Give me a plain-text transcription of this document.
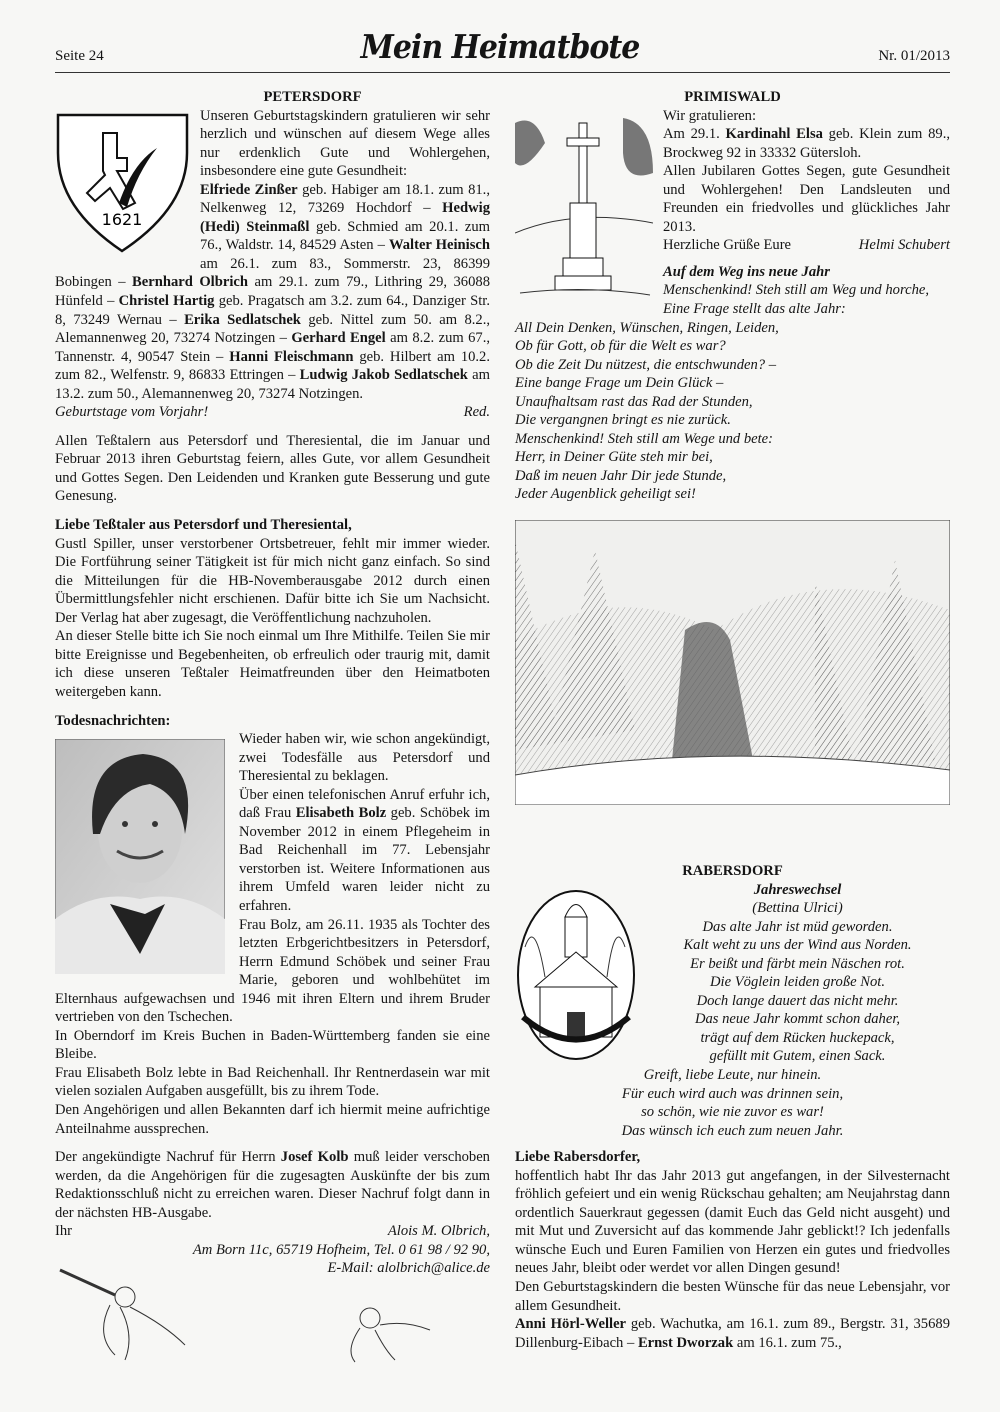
Seite 24	Mein Heimatbote	Nr. 01/2013
PETERSDORF
1621

Unseren Geburtstagskindern gratulieren wir sehr herzlich und wünschen auf diesem Wege alles nur erdenklich Gute und Wohlergehen, insbesondere eine gute Gesundheit:

Elfriede Zinßer geb. Habiger am 18.1. zum 81., Nelkenweg 12, 73269 Hochdorf – Hedwig (Hedi) Steinmaßl geb. Schmied am 20.1. zum 76., Waldstr. 14, 84529 Asten – Walter Heinisch am 26.1. zum 83., Sommerstr. 23, 86399 Bobingen – Bernhard Olbrich am 29.1. zum 79., Lithring 29, 36088 Hünfeld – Christel Hartig geb. Pragatsch am 3.2. zum 64., Danziger Str. 8, 73249 Wernau – Erika Sedlatschek geb. Nittel zum 50. am 8.2., Alemannenweg 20, 73274 Notzingen – Gerhard Engel am 8.2. zum 67., Tannenstr. 4, 90547 Stein – Hanni Fleischmann geb. Hilbert am 10.2. zum 82., Welfenstr. 9, 86833 Ettringen – Ludwig Jakob Sedlatschek am 13.2. zum 50., Alemannenweg 20, 73274 Notzingen.

Geburtstage vom Vorjahr!	Red.

Allen Teßtalern aus Petersdorf und Theresiental, die im Januar und Februar 2013 ihren Geburtstag feiern, alles Gute, vor allem Gesundheit und Gottes Segen. Den Leidenden und Kranken gute Besserung und gute Genesung.

Liebe Teßtaler aus Petersdorf und Theresiental,

Gustl Spiller, unser verstorbener Ortsbetreuer, fehlt mir immer wieder. Die Fortführung seiner Tätigkeit ist für mich nicht ganz einfach. So sind die Mitteilungen für die HB-Novemberausgabe 2012 durch einen Übermittlungsfehler nicht erschienen. Dafür bitte ich Sie um Nachsicht. Der Verlag hat aber zugesagt, die Veröffentlichung nachzuholen.

An dieser Stelle bitte ich Sie noch einmal um Ihre Mithilfe. Teilen Sie mir bitte Ereignisse und Begebenheiten, ob erfreulich oder traurig mit, damit ich diese unseren Teßtaler Heimatfreunden über den Heimatboten weitergeben kann.

Todesnachrichten:

Wieder haben wir, wie schon angekündigt, zwei Todesfälle aus Petersdorf und Theresiental zu beklagen.

Über einen telefonischen Anruf erfuhr ich, daß Frau Elisabeth Bolz geb. Schöbek im November 2012 in einem Pflegeheim in Bad Reichenhall im 77. Lebensjahr verstorben ist. Weitere Informationen aus ihrem Umfeld waren leider nicht zu erfahren.

Frau Bolz, am 26.11. 1935 als Tochter des letzten Erbgerichtbesitzers in Petersdorf, Herrn Edmund Schöbek und seiner Frau Marie, geboren und wohlbehütet im Elternhaus aufgewachsen und 1946 mit ihren Eltern und ihrem Bruder vertrieben von den Tschechen.

In Oberndorf im Kreis Buchen in Baden-Württemberg fanden sie eine Bleibe.

Frau Elisabeth Bolz lebte in Bad Reichenhall. Ihr Rentnerdasein war mit vielen sozialen Aufgaben ausgefüllt, bis zu ihrem Tode.

Den Angehörigen und allen Bekannten darf ich hiermit meine aufrichtige Anteilnahme aussprechen.

Der angekündigte Nachruf für Herrn Josef Kolb muß leider verschoben werden, da die Angehörigen für die zugesagten Auskünfte der bis zum Redaktionsschluß nicht zu erreichen waren. Dieser Nachruf folgt dann in der nächsten HB-Ausgabe.

Ihr	Alois M. Olbrich,

Am Born 11c, 65719 Hofheim, Tel. 0 61 98 / 92 90,

E-Mail: alolbrich@alice.de

PRIMISWALD

Wir gratulieren:

Am 29.1. Kardinahl Elsa geb. Klein zum 89., Brockweg 92 in 33332 Gütersloh.

Allen Jubilaren Gottes Segen, gute Gesundheit und Wohlergehen! Den Landsleuten und Freunden ein friedvolles und glückliches Jahr 2013.

Herzliche Grüße Eure	Helmi Schubert

Auf dem Weg ins neue Jahr

Menschenkind! Steh still am Weg und horche,
Eine Frage stellt das alte Jahr:
All Dein Denken, Wünschen, Ringen, Leiden,
Ob für Gott, ob für die Welt es war?
Ob die Zeit Du nützest, die entschwunden? –
Eine bange Frage um Dein Glück –
Unaufhaltsam rast das Rad der Stunden,
Die vergangnen bringt es nie zurück.
Menschenkind! Steh still am Wege und bete:
Herr, in Deiner Güte steh mir bei,
Daß im neuen Jahr Dir jede Stunde,
Jeder Augenblick geheiligt sei!
RABERSDORF

Jahreswechsel

(Bettina Ulrici)

Das alte Jahr ist müd geworden.
Kalt weht zu uns der Wind aus Norden.
Er beißt und färbt mein Näschen rot.
Die Vöglein leiden große Not.
Doch lange dauert das nicht mehr.
Das neue Jahr kommt schon daher,
trägt auf dem Rücken huckepack,
gefüllt mit Gutem, einen Sack.
Greift, liebe Leute, nur hinein.
Für euch wird auch was drinnen sein,
so schön, wie nie zuvor es war!
Das wünsch ich euch zum neuen Jahr.

Liebe Rabersdorfer,

hoffentlich habt Ihr das Jahr 2013 gut angefangen, in der Silvesternacht fröhlich gefeiert und ein wenig Rückschau gehalten; am Neujahrstag dann ordentlich Sauerkraut gegessen (damit Euch das Geld nicht ausgeht) und mit Mut und Zuversicht auf das kommende Jahr geblickt!? Ich jedenfalls wünsche Euch und Euren Familien von Herzen ein gutes und friedvolles neues Jahr, bleibt oder werdet vor allen Dingen gesund!

Den Geburtstagskindern die besten Wünsche für das neue Lebensjahr, vor allem Gesundheit.

Anni Hörl-Weller geb. Wachutka, am 16.1. zum 89., Bergstr. 31, 35689 Dillenburg-Eibach – Ernst Dworzak am 16.1. zum 75.,
